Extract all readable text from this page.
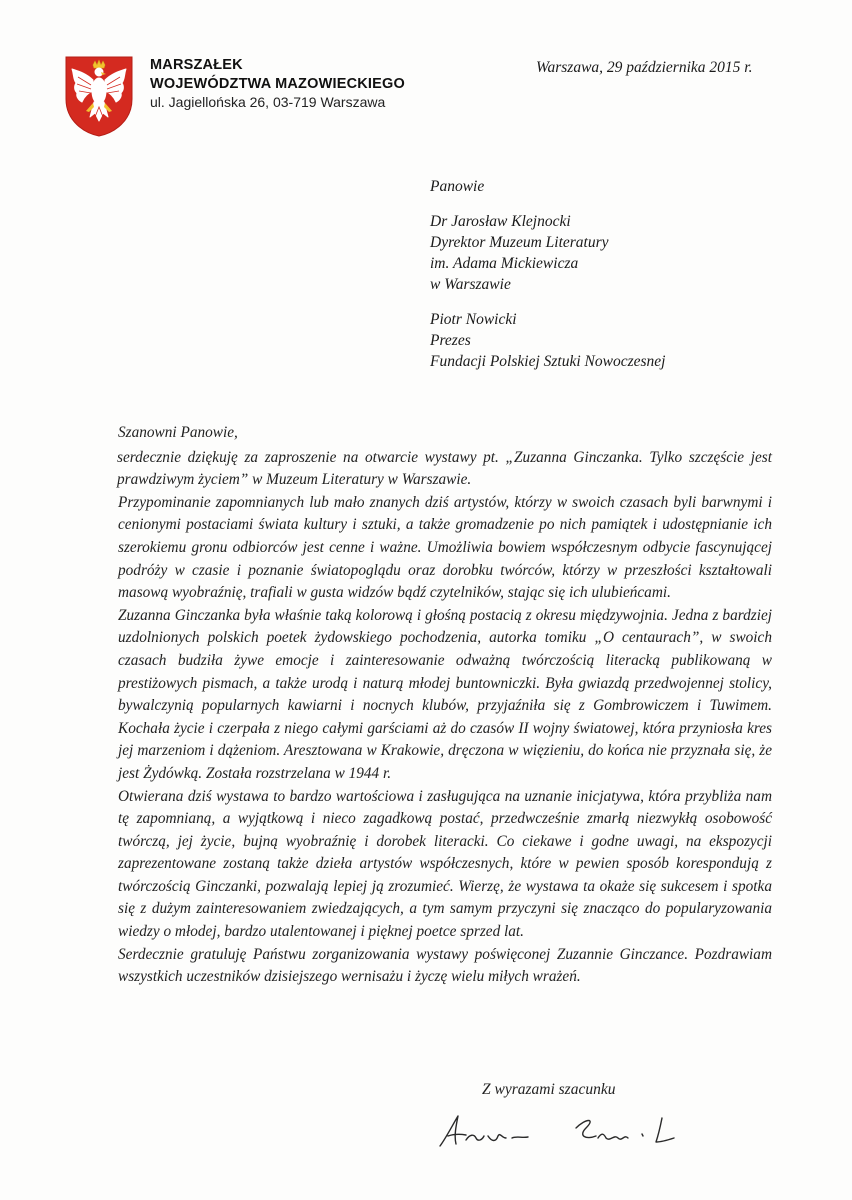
MARSZAŁEK
WOJEWÓDZTWA MAZOWIECKIEGO
ul. Jagiellońska 26, 03-719 Warszawa
Warszawa, 29 października 2015 r.
Panowie
Dr Jarosław Klejnocki
Dyrektor Muzeum Literatury
im. Adama Mickiewicza
w Warszawie
Piotr Nowicki
Prezes
Fundacji Polskiej Sztuki Nowoczesnej
Szanowni Panowie,

serdecznie dziękuję za zaproszenie na otwarcie wystawy pt. „Zuzanna Ginczanka. Tylko szczęście jest prawdziwym życiem” w Muzeum Literatury w Warszawie.

Przypominanie zapomnianych lub mało znanych dziś artystów, którzy w swoich czasach byli barwnymi i cenionymi postaciami świata kultury i sztuki, a także gromadzenie po nich pamiątek i udostępnianie ich szerokiemu gronu odbiorców jest cenne i ważne. Umożliwia bowiem współczesnym odbycie fascynującej podróży w czasie i poznanie światopoglądu oraz dorobku twórców, którzy w przeszłości kształtowali masową wyobraźnię, trafiali w gusta widzów bądź czytelników, stając się ich ulubieńcami.

Zuzanna Ginczanka była właśnie taką kolorową i głośną postacią z okresu międzywojnia. Jedna z bardziej uzdolnionych polskich poetek żydowskiego pochodzenia, autorka tomiku „O centaurach”, w swoich czasach budziła żywe emocje i zainteresowanie odważną twórczością literacką publikowaną w prestiżowych pismach, a także urodą i naturą młodej buntowniczki. Była gwiazdą przedwojennej stolicy, bywalczynią popularnych kawiarni i nocnych klubów, przyjaźniła się z Gombrowiczem i Tuwimem. Kochała życie i czerpała z niego całymi garściami aż do czasów II wojny światowej, która przyniosła kres jej marzeniom i dążeniom. Aresztowana w Krakowie, dręczona w więzieniu, do końca nie przyznała się, że jest Żydówką. Została rozstrzelana w 1944 r.

Otwierana dziś wystawa to bardzo wartościowa i zasługująca na uznanie inicjatywa, która przybliża nam tę zapomnianą, a wyjątkową i nieco zagadkową postać, przedwcześnie zmarłą niezwykłą osobowość twórczą, jej życie, bujną wyobraźnię i dorobek literacki. Co ciekawe i godne uwagi, na ekspozycji zaprezentowane zostaną także dzieła artystów współczesnych, które w pewien sposób korespondują z twórczością Ginczanki, pozwalają lepiej ją zrozumieć. Wierzę, że wystawa ta okaże się sukcesem i spotka się z dużym zainteresowaniem zwiedzających, a tym samym przyczyni się znacząco do popularyzowania wiedzy o młodej, bardzo utalentowanej i pięknej poetce sprzed lat.

Serdecznie gratuluję Państwu zorganizowania wystawy poświęconej Zuzannie Ginczance. Pozdrawiam wszystkich uczestników dzisiejszego wernisażu i życzę wielu miłych wrażeń.

Z wyrazami szacunku
